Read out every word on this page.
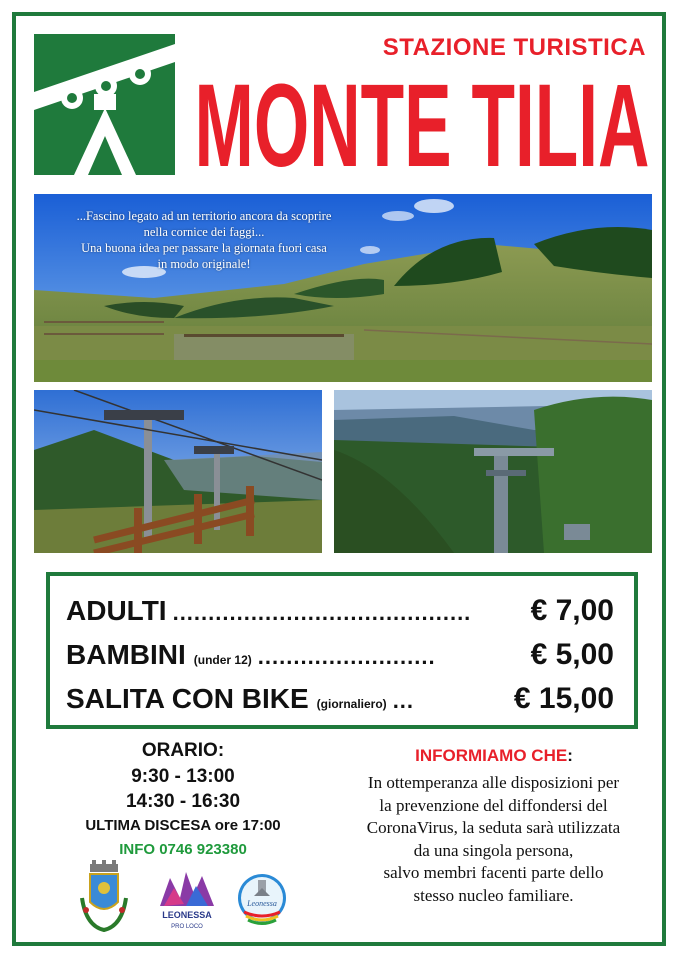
STAZIONE TURISTICA
MONTE TILIA
...Fascino legato ad un territorio ancora da scoprire
nella cornice dei faggi...
Una buona idea per passare la giornata fuori casa
in modo originale!
ADULTI ..........................................	€ 7,00
BAMBINI (under 12) .........................	€ 5,00
SALITA CON BIKE (giornaliero) ...	€ 15,00
ORARIO:
9:30 - 13:00
14:30 - 16:30
ULTIMA DISCESA ore 17:00
INFO 0746 923380
LEONESSA
PRO LOCO
Leonessa
INFORMIAMO CHE:
In ottemperanza alle disposizioni per
la prevenzione del diffondersi del
CoronaVirus, la seduta sarà utilizzata
da una singola persona,
salvo membri facenti parte dello
stesso nucleo familiare.
